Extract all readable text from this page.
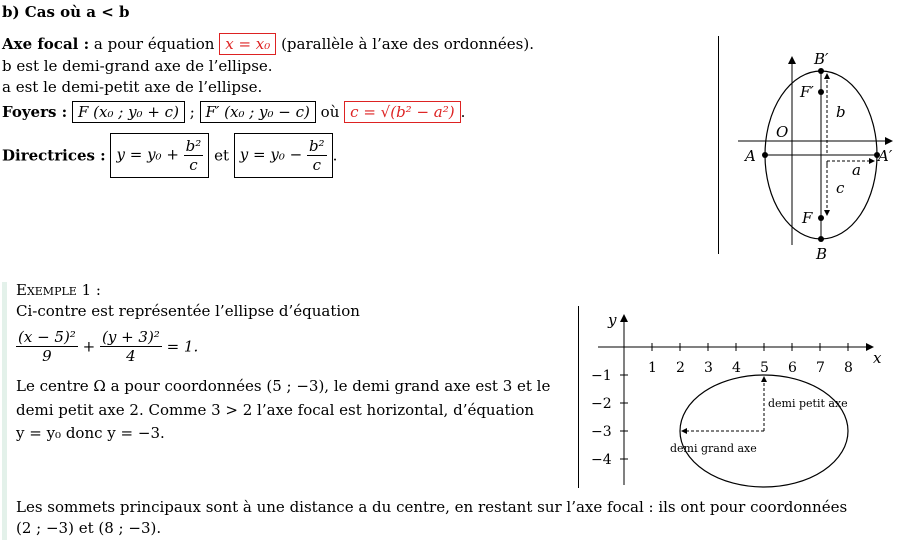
b) Cas où a < b
Axe focal : a pour équation x = x₀ (parallèle à l’axe des ordonnées).
b est le demi-grand axe de l’ellipse.
a est le demi-petit axe de l’ellipse.
Foyers : F (x₀ ; y₀ + c) ; F′ (x₀ ; y₀ − c) où c = √(b² − a²) .
Directrices : $y = y_0 + \frac{\text{b²}}{c}$ et $y = y_0 - \frac{\text{b²}}{c}$ .
B′
F′
b
O
A	A′
a
c
F
B
Exemple 1 :
Ci-contre est représentée l’ellipse d’équation
$\frac{\text{(x − 5)²}}{9} + \frac{\text{(y + 3)²}}{4} = 1$.
Le centre Ω a pour coordonnées (5 ; −3), le demi grand axe est 3 et le
demi petit axe 2. Comme 3 > 2 l’axe focal est horizontal, d’équation
y = y₀ donc y = −3.
1 2 3 4 5 6 7 8
−1
−2
−3
−4
y
x
demi petit axe
demi grand axe
Les sommets principaux sont à une distance a du centre, en restant sur l’axe focal : ils ont pour coordonnées
(2 ; −3) et (8 ; −3).
